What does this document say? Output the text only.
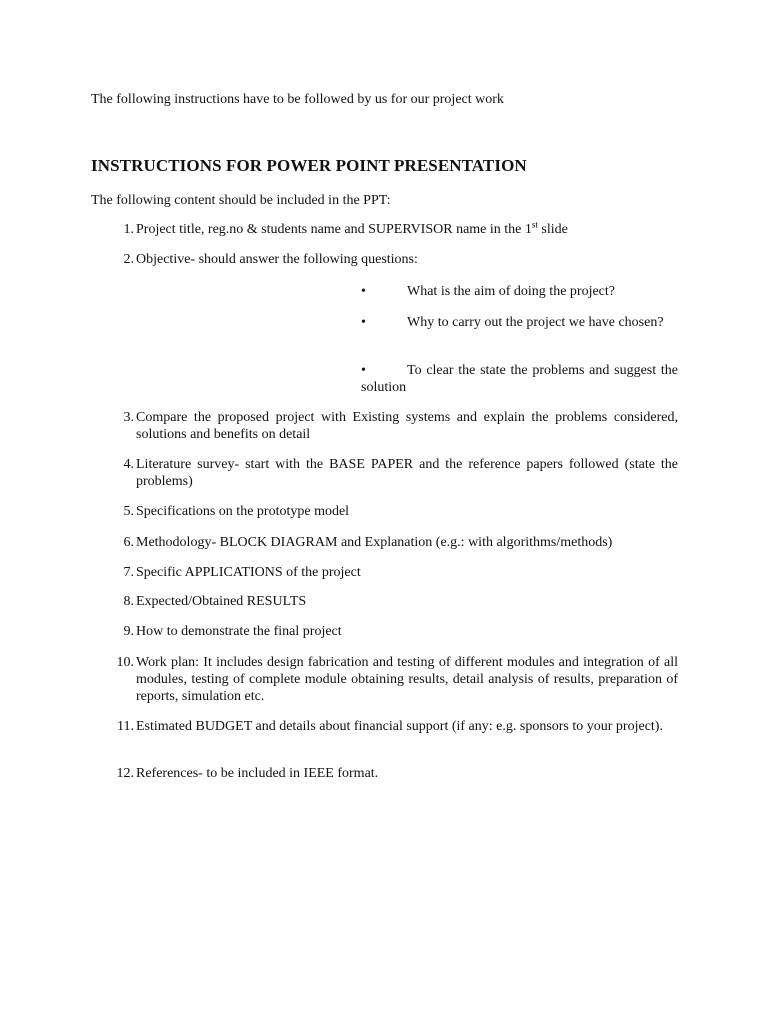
The following instructions have to be followed by us for our project work
INSTRUCTIONS FOR POWER POINT PRESENTATION
The following content should be included in the PPT:
1. Project title, reg.no & students name and SUPERVISOR name in the 1st slide
2. Objective- should answer the following questions:
•	What is the aim of doing the project?
•	Why to carry out the project we have chosen?
•	To clear the state the problems and suggest the solution
3. Compare the proposed project with Existing systems and explain the problems considered, solutions and benefits on detail
4. Literature survey- start with the BASE PAPER and the reference papers followed (state the problems)
5. Specifications on the prototype model
6. Methodology- BLOCK DIAGRAM and Explanation (e.g.: with algorithms/methods)
7. Specific APPLICATIONS of the project
8. Expected/Obtained RESULTS
9. How to demonstrate the final project
10. Work plan: It includes design fabrication and testing of different modules and integration of all modules, testing of complete module obtaining results, detail analysis of results, preparation of reports, simulation etc.
11. Estimated BUDGET and details about financial support (if any: e.g. sponsors to your project).
12. References- to be included in IEEE format.
